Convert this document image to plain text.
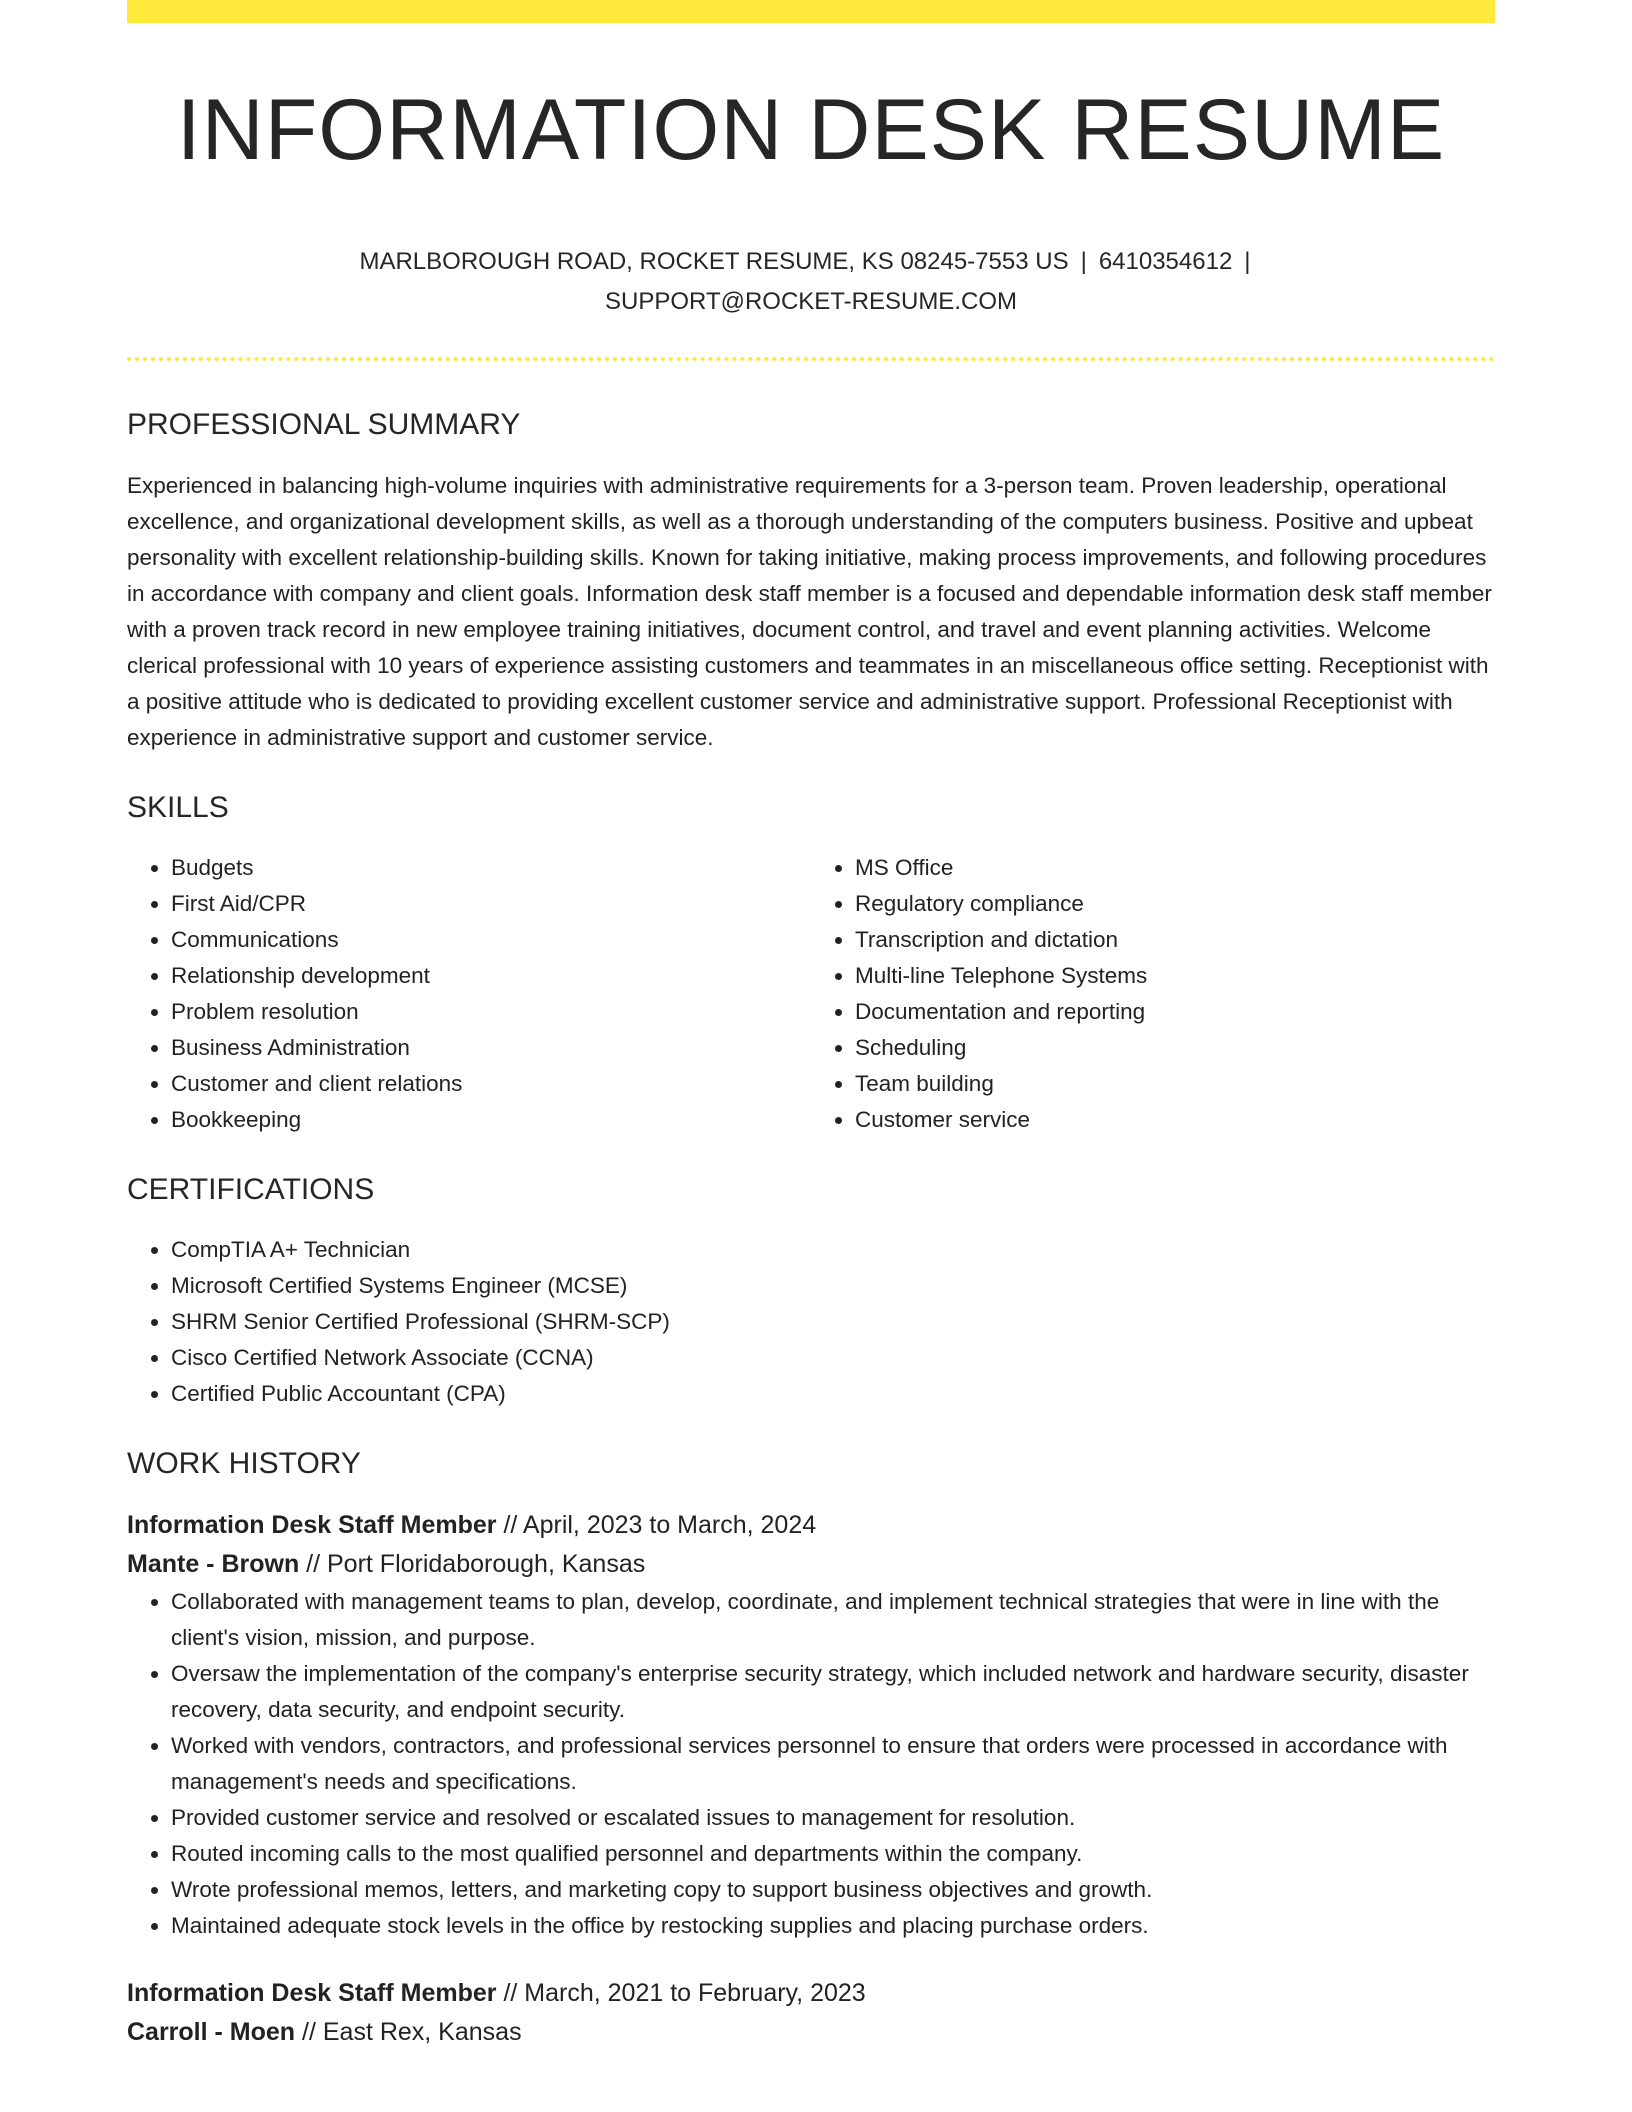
INFORMATION DESK RESUME
MARLBOROUGH ROAD, ROCKET RESUME, KS 08245-7553 US | 6410354612 |
SUPPORT@ROCKET-RESUME.COM
PROFESSIONAL SUMMARY

Experienced in balancing high-volume inquiries with administrative requirements for a 3-person team. Proven leadership, operational excellence, and organizational development skills, as well as a thorough understanding of the computers business. Positive and upbeat personality with excellent relationship-building skills. Known for taking initiative, making process improvements, and following procedures in accordance with company and client goals. Information desk staff member is a focused and dependable information desk staff member with a proven track record in new employee training initiatives, document control, and travel and event planning activities. Welcome clerical professional with 10 years of experience assisting customers and teammates in an miscellaneous office setting. Receptionist with a positive attitude who is dedicated to providing excellent customer service and administrative support. Professional Receptionist with experience in administrative support and customer service.

SKILLS
• Budgets
• First Aid/CPR
• Communications
• Relationship development
• Problem resolution
• Business Administration
• Customer and client relations
• Bookkeeping
• MS Office
• Regulatory compliance
• Transcription and dictation
• Multi-line Telephone Systems
• Documentation and reporting
• Scheduling
• Team building
• Customer service
CERTIFICATIONS
• CompTIA A+ Technician
• Microsoft Certified Systems Engineer (MCSE)
• SHRM Senior Certified Professional (SHRM-SCP)
• Cisco Certified Network Associate (CCNA)
• Certified Public Accountant (CPA)
WORK HISTORY
Information Desk Staff Member // April, 2023 to March, 2024
Mante - Brown // Port Floridaborough, Kansas
• Collaborated with management teams to plan, develop, coordinate, and implement technical strategies that were in line with the client's vision, mission, and purpose.
• Oversaw the implementation of the company's enterprise security strategy, which included network and hardware security, disaster recovery, data security, and endpoint security.
• Worked with vendors, contractors, and professional services personnel to ensure that orders were processed in accordance with management's needs and specifications.
• Provided customer service and resolved or escalated issues to management for resolution.
• Routed incoming calls to the most qualified personnel and departments within the company.
• Wrote professional memos, letters, and marketing copy to support business objectives and growth.
• Maintained adequate stock levels in the office by restocking supplies and placing purchase orders.
Information Desk Staff Member // March, 2021 to February, 2023
Carroll - Moen // East Rex, Kansas
